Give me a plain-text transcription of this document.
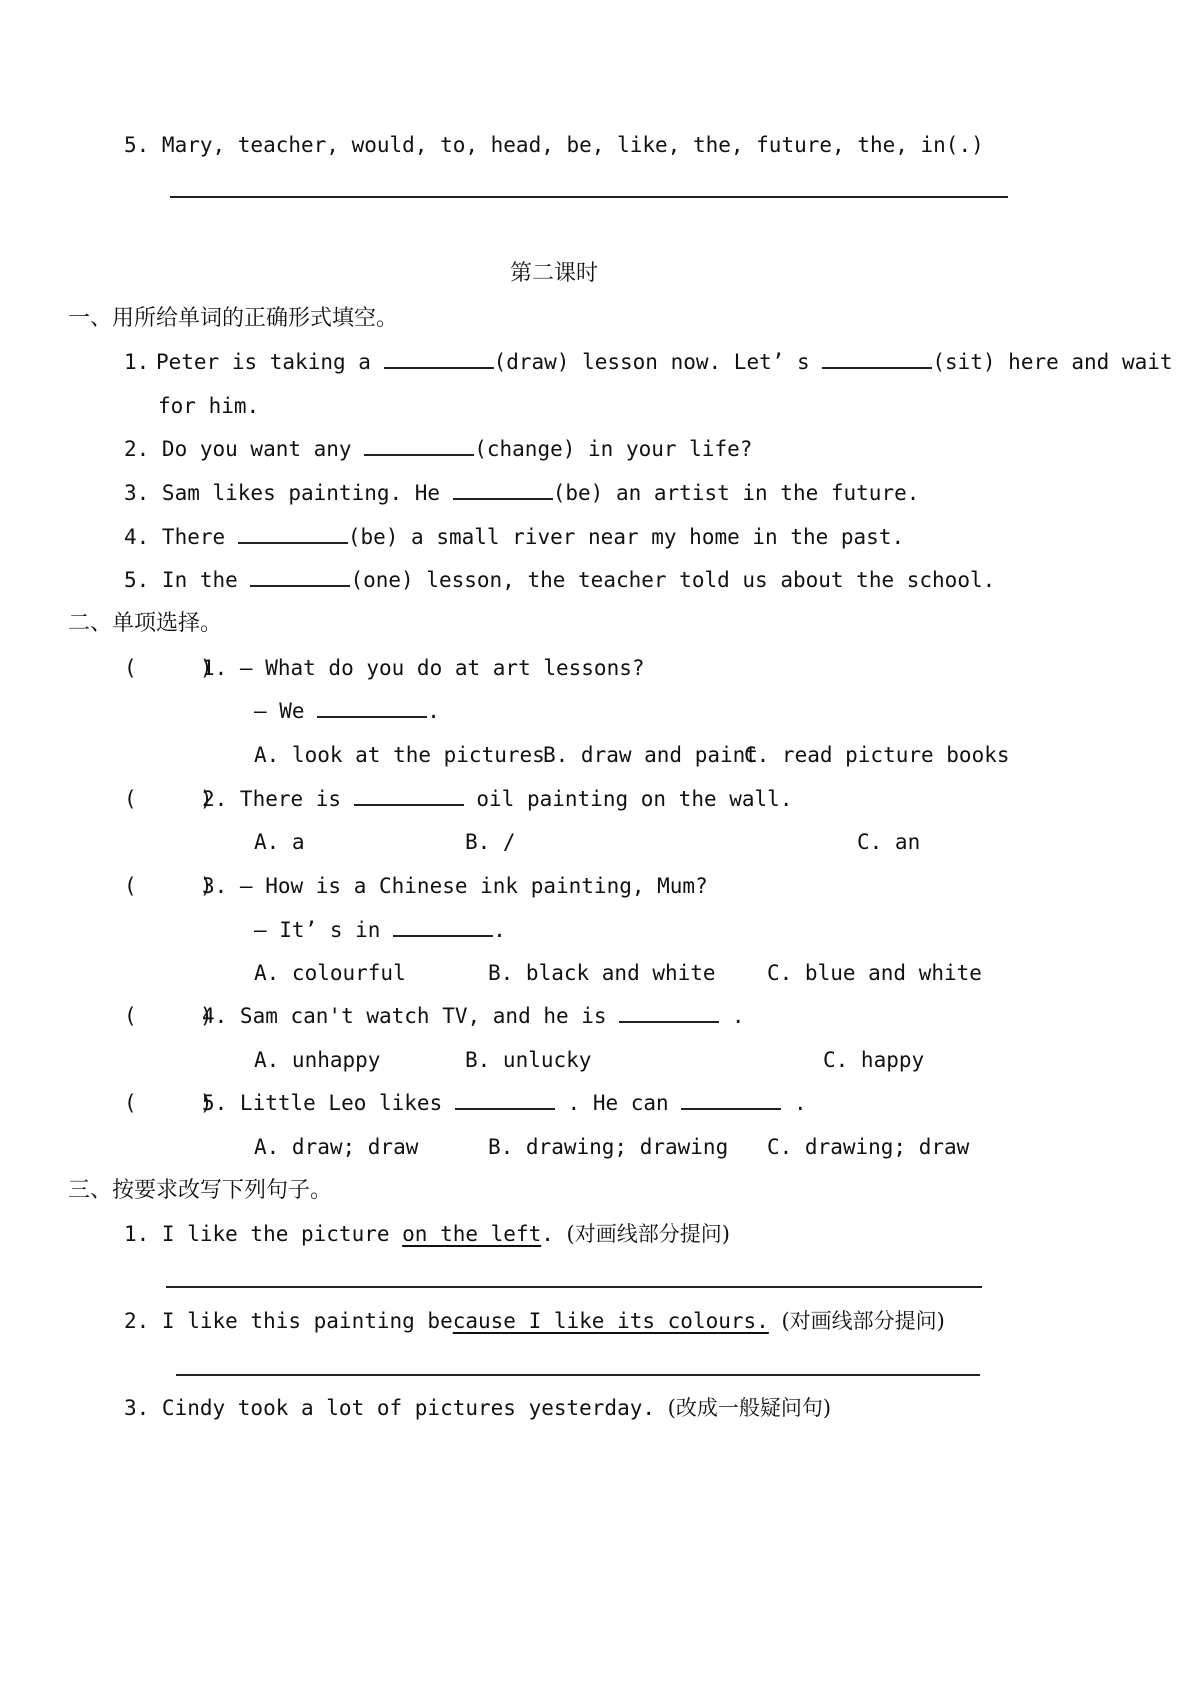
5. Mary, teacher, would, to, head, be, like, the, future, the, in(.)
第二课时
一、用所给单词的正确形式填空。
1. Peter is taking a	(draw) lesson now. Let’ s	(sit) here and wait
for him.
2. Do you want any	(change) in your life?
3. Sam likes painting. He	(be) an artist in the future.
4. There	(be) a small river near my home in the past.
5. In the	(one) lesson, the teacher told us about the school.
二、单项选择。
(     )
1. — What do you do at art lessons?
— We	.
A. look at the pictures
B. draw and paint
C. read picture books
(     )
2. There is	oil painting on the wall.
A. a	B. /	C. an
(     )
3. — How is a Chinese ink painting, Mum?
— It’ s in	.
A. colourful	B. black and white C. blue and white
(     )
4. Sam can't watch TV, and he is	.
A. unhappy	B. unlucky	C. happy
(     )
5. Little Leo likes	. He can	.
A. draw; draw	B. drawing; drawing C. drawing; draw
三、按要求改写下列句子。
1. I like the picture on the left. (对画线部分提问)
2. I like this painting because I like its colours. (对画线部分提问)
3. Cindy took a lot of pictures yesterday. (改成一般疑问句)
